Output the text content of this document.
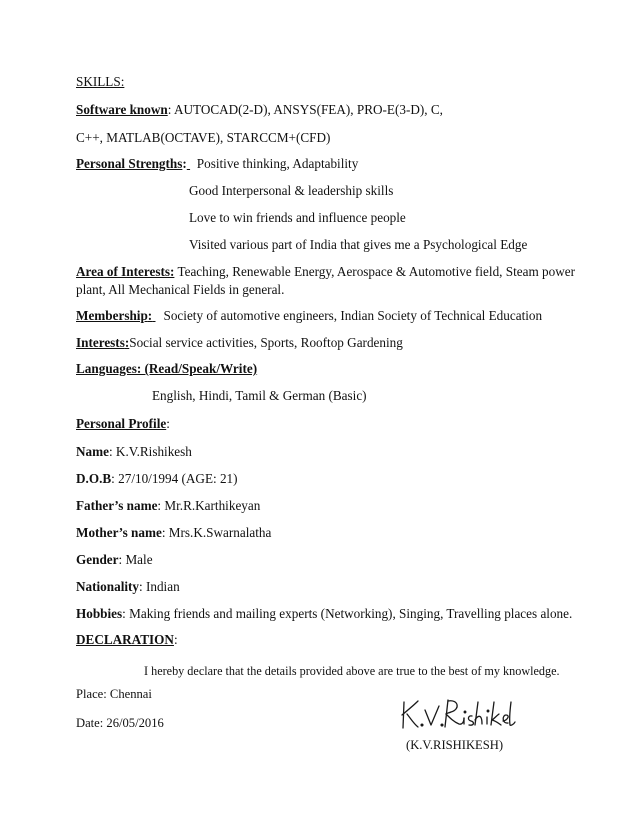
SKILLS:
Software known: AUTOCAD(2-D), ANSYS(FEA), PRO-E(3-D), C,
C++, MATLAB(OCTAVE), STARCCM+(CFD)
Personal Strengths: Positive thinking, Adaptability
Good Interpersonal & leadership skills
Love to win friends and influence people
Visited various part of India that gives me a Psychological Edge
Area of Interests: Teaching, Renewable Energy, Aerospace & Automotive field, Steam power
plant, All Mechanical Fields in general.
Membership: Society of automotive engineers, Indian Society of Technical Education
Interests:Social service activities, Sports, Rooftop Gardening
Languages: (Read/Speak/Write)
English, Hindi, Tamil & German (Basic)
Personal Profile:
Name: K.V.Rishikesh
D.O.B: 27/10/1994 (AGE: 21)
Father’s name: Mr.R.Karthikeyan
Mother’s name: Mrs.K.Swarnalatha
Gender: Male
Nationality: Indian
Hobbies: Making friends and mailing experts (Networking), Singing, Travelling places alone.
DECLARATION:
I hereby declare that the details provided above are true to the best of my knowledge.
Place: Chennai
Date: 26/05/2016
(K.V.RISHIKESH)
